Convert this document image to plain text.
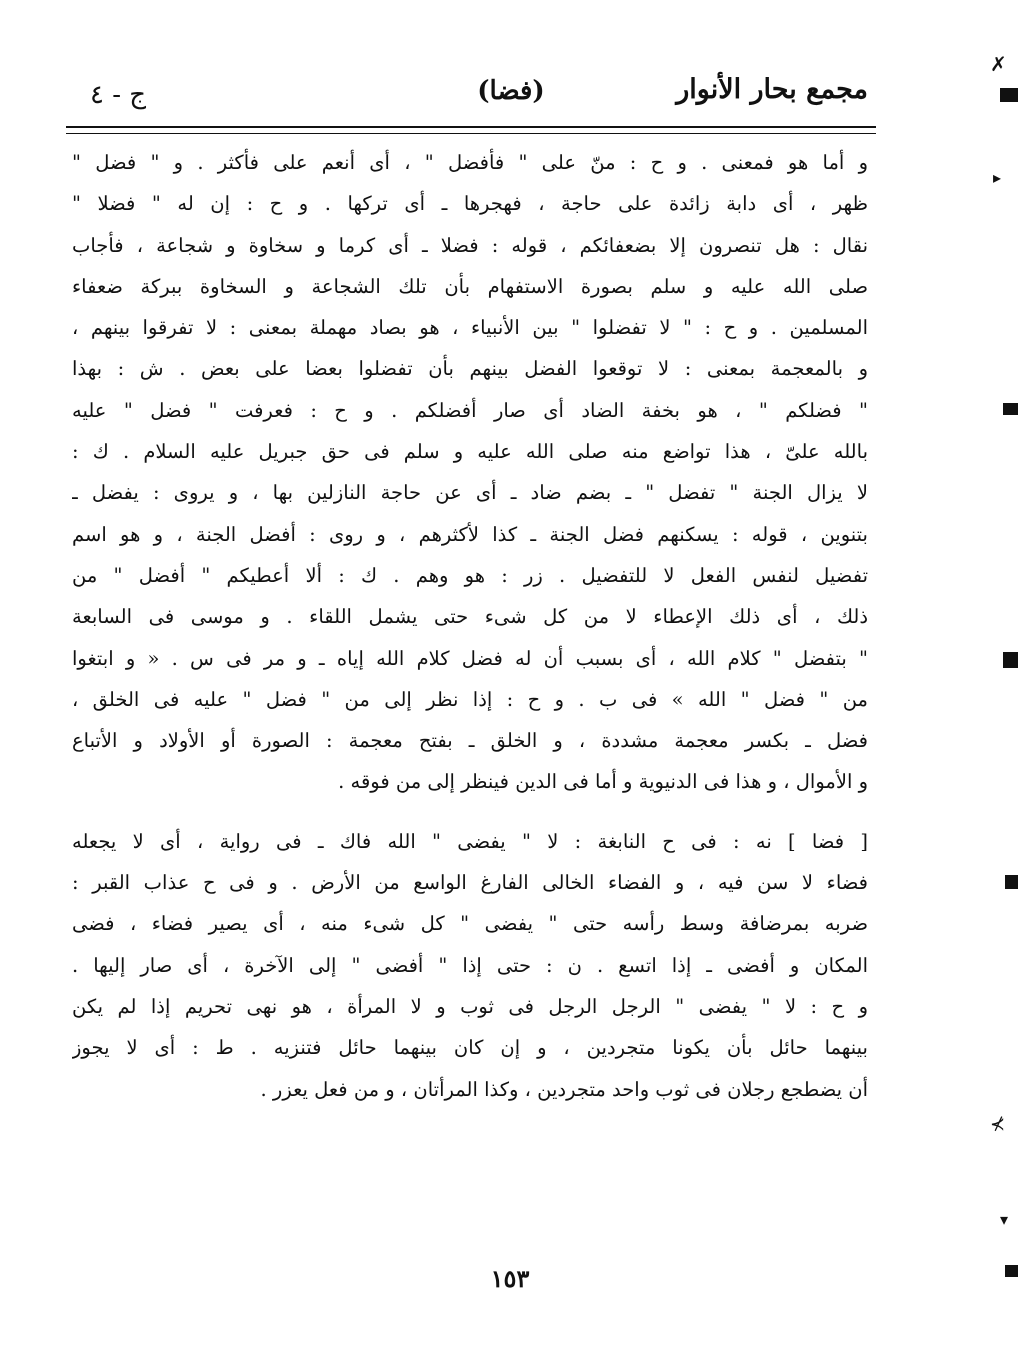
مجمع بحار الأنوار
(فضا)
ج - ٤
و أما هو فمعنى . و ح : منّ على " فأفضل " ، أى أنعم على فأكثر . و " فضل "
ظهر ، أى دابة زائدة على حاجة ، فهجرها ـ أى تركها . و ح : إن له " فضلا "
نقال : هل تنصرون إلا بضعفائكم ، قوله : فضلا ـ أى كرما و سخاوة و شجاعة ، فأجاب
صلى الله عليه و سلم بصورة الاستفهام بأن تلك الشجاعة و السخاوة ببركة ضعفاء
المسلمين . و ح : " لا تفضلوا " بين الأنبياء ، هو بصاد مهملة بمعنى : لا تفرقوا بينهم ،
و بالمعجمة بمعنى : لا توقعوا الفضل بينهم بأن تفضلوا بعضا على بعض . ش : بهذا
" فضلكم " ، هو بخفة الضاد أى صار أفضلكم . و ح : فعرفت " فضل " عليه
بالله علىّ ، هذا تواضع منه صلى الله عليه و سلم فى حق جبريل عليه السلام . ك :
لا يزال الجنة " تفضل " ـ بضم ضاد ـ أى عن حاجة النازلين بها ، و يروى : يفضل ـ
بتنوين ، قوله : يسكنهم فضل الجنة ـ كذا لأكثرهم ، و روى : أفضل الجنة ، و هو اسم
تفضيل لنفس الفعل لا للتفضيل . زر : هو وهم . ك : ألا أعطيكم " أفضل " من
ذلك ، أى ذلك الإعطاء لا من كل شىء حتى يشمل اللقاء . و موسى فى السابعة
" بتفضل " كلام الله ، أى بسبب أن له فضل كلام الله إياه ـ و مر فى س . « و ابتغوا
من " فضل " الله » فى ب . و ح : إذا نظر إلى من " فضل " عليه فى الخلق ،
فضل ـ بكسر معجمة مشددة ، و الخلق ـ بفتح معجمة : الصورة أو الأولاد و الأتباع
و الأموال ، و هذا فى الدنيوية و أما فى الدين فينظر إلى من فوقه .
[ فضا ] نه : فى ح النابغة : لا " يفضى " الله فاك ـ فى رواية ، أى لا يجعله
فضاء لا سن فيه ، و الفضاء الخالى الفارغ الواسع من الأرض . و فى ح عذاب القبر :
ضربه بمرضافة وسط رأسه حتى " يفضى " كل شىء منه ، أى يصير فضاء ، فضى
المكان و أفضى ـ إذا اتسع . ن : حتى إذا " أفضى " إلى الآخرة ، أى صار إليها .
و ح : لا " يفضى " الرجل الرجل فى ثوب و لا المرأة ، هو نهى تحريم إذا لم يكن
بينهما حائل بأن يكونا متجردين ، و إن كان بينهما حائل فتنزيه . ط : أى لا يجوز
أن يضطجع رجلان فى ثوب واحد متجردين ، وكذا المرأتان ، و من فعل يعزر .
١٥٣
✗
▸
⊀
▾
